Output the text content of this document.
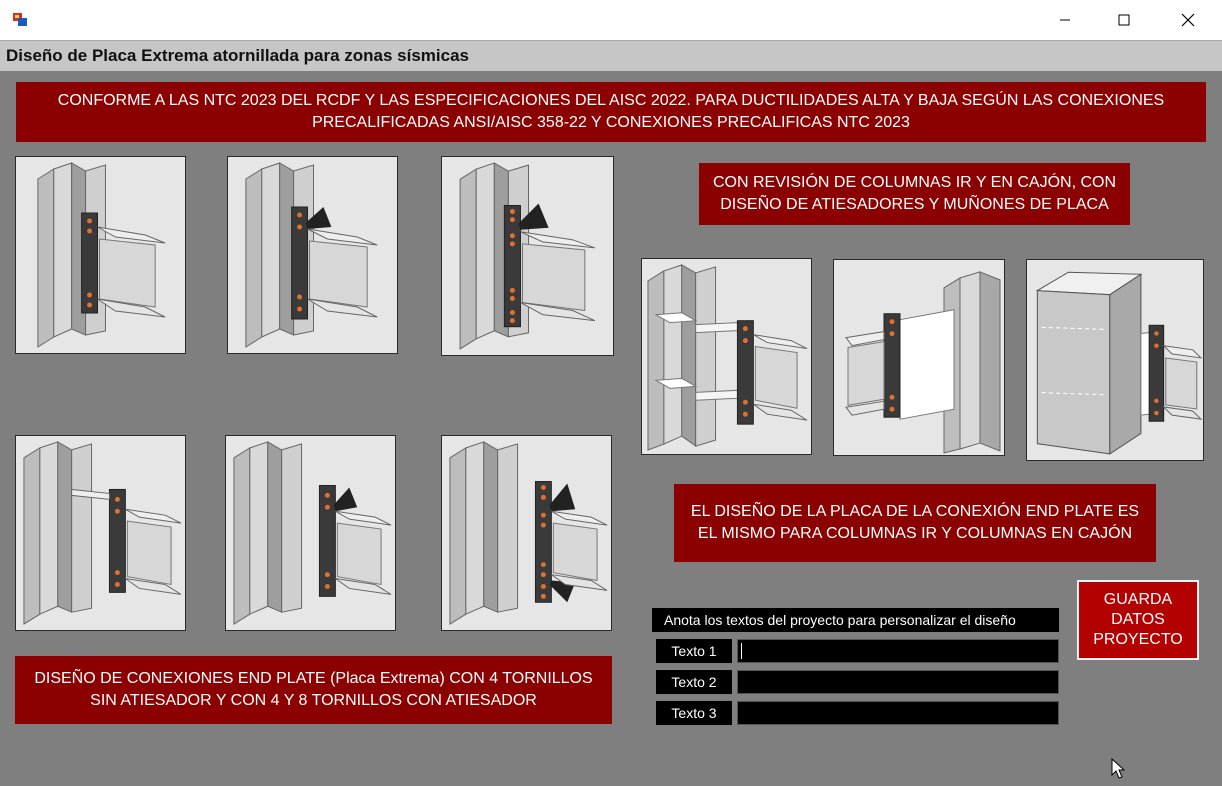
Diseño de Placa Extrema atornillada para zonas sísmicas
CONFORME A LAS NTC 2023 DEL RCDF Y LAS ESPECIFICACIONES DEL AISC 2022. PARA DUCTILIDADES ALTA Y BAJA SEGÚN LAS CONEXIONES PRECALIFICADAS ANSI/AISC 358-22 Y CONEXIONES PRECALIFICAS NTC 2023
CON REVISIÓN DE COLUMNAS IR Y EN CAJÓN, CON DISEÑO DE ATIESADORES Y MUÑONES DE PLACA
EL DISEÑO DE LA PLACA DE LA CONEXIÓN END PLATE ES EL MISMO PARA COLUMNAS IR Y COLUMNAS EN CAJÓN
DISEÑO DE CONEXIONES END PLATE (Placa Extrema) CON 4 TORNILLOS SIN ATIESADOR Y CON 4 Y 8 TORNILLOS CON ATIESADOR
Anota los textos del proyecto para personalizar el diseño
Texto 1
Texto 2
Texto 3
GUARDA
DATOS
PROYECTO
